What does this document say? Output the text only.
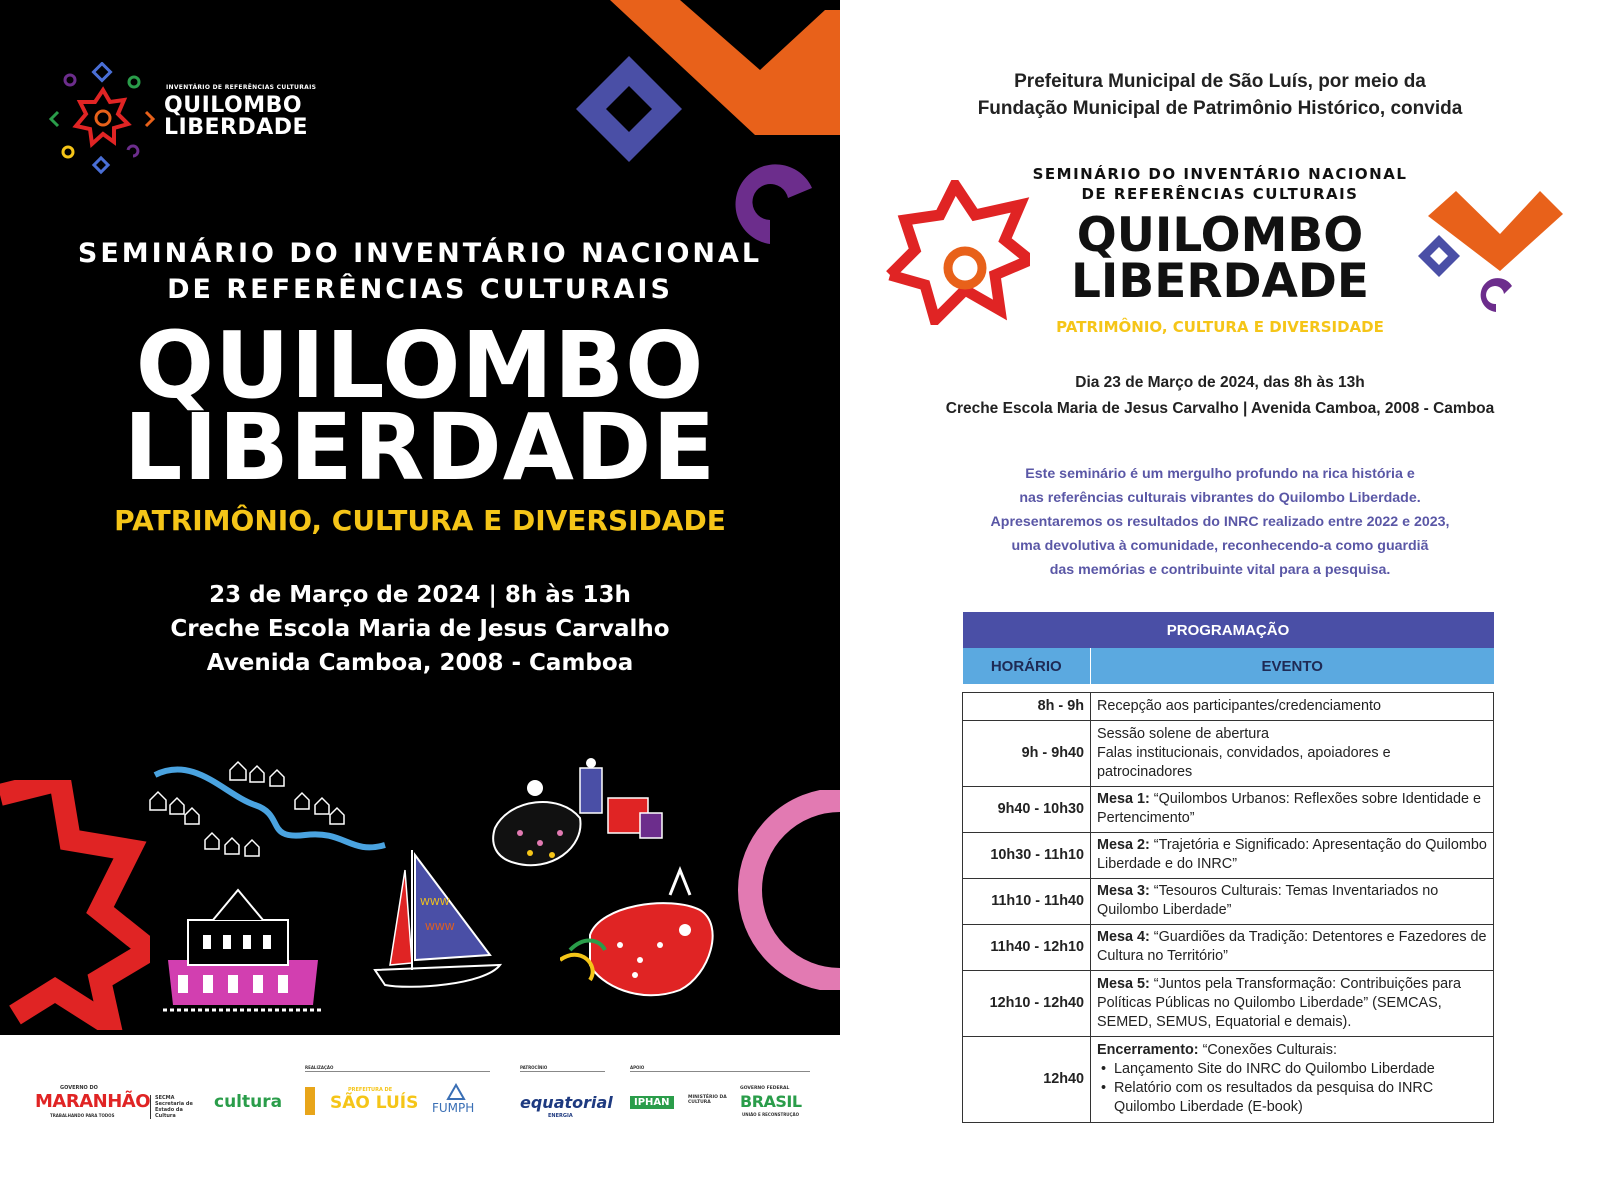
INVENTÁRIO DE REFERÊNCIAS CULTURAIS
QUILOMBO
LIBERDADE
SEMINÁRIO DO INVENTÁRIO NACIONAL
DE REFERÊNCIAS CULTURAIS
QUILOMBO
LIBERDADE
PATRIMÔNIO, CULTURA E DIVERSIDADE
23 de Março de 2024 | 8h às 13h
Creche Escola Maria de Jesus Carvalho
Avenida Camboa, 2008 - Camboa
WWW
WWW
REALIZAÇÃO	PATROCÍNIO	APOIO
GOVERNO DO
MARANHÃO
TRABALHANDO PARA TODOS
SECMA Secretaria de Estado da Cultura
cultura
PREFEITURA DE
SÃO LUÍS FUMPH	equatorial
ENERGIA
IPHAN	MINISTÉRIO DA CULTURA
GOVERNO FEDERAL
BRASIL
UNIÃO E RECONSTRUÇÃO
Prefeitura Municipal de São Luís, por meio da
Fundação Municipal de Patrimônio Histórico, convida
SEMINÁRIO DO INVENTÁRIO NACIONAL
DE REFERÊNCIAS CULTURAIS
QUILOMBO
LIBERDADE
PATRIMÔNIO, CULTURA E DIVERSIDADE
Dia 23 de Março de 2024, das 8h às 13h
Creche Escola Maria de Jesus Carvalho | Avenida Camboa, 2008 - Camboa
Este seminário é um mergulho profundo na rica história e
nas referências culturais vibrantes do Quilombo Liberdade.
Apresentaremos os resultados do INRC realizado entre 2022 e 2023,
uma devolutiva à comunidade, reconhecendo-a como guardiã
das memórias e contribuinte vital para a pesquisa.
PROGRAMAÇÃO	
HORÁRIO	EVENTO

8h - 9h	Recepção aos participantes/credenciamento
9h - 9h40	Sessão solene de abertura
Falas institucionais, convidados, apoiadores e patrocinadores

9h40 - 10h30	Mesa 1: “Quilombos Urbanos: Reflexões sobre Identidade e Pertencimento”
10h30 - 11h10	Mesa 2: “Trajetória e Significado: Apresentação do Quilombo Liberdade e do INRC”
11h10 - 11h40	Mesa 3: “Tesouros Culturais: Temas Inventariados no Quilombo Liberdade”
11h40 - 12h10	Mesa 4: “Guardiões da Tradição: Detentores e Fazedores de Cultura no Território”
12h10 - 12h40	Mesa 5: “Juntos pela Transformação: Contribuições para Políticas Públicas no Quilombo Liberdade” (SEMCAS, SEMED, SEMUS, Equatorial e demais).
12h40	Encerramento: “Conexões Culturais:
• Lançamento Site do INRC do Quilombo Liberdade
• Relatório com os resultados da pesquisa do INRC Quilombo Liberdade (E-book)
